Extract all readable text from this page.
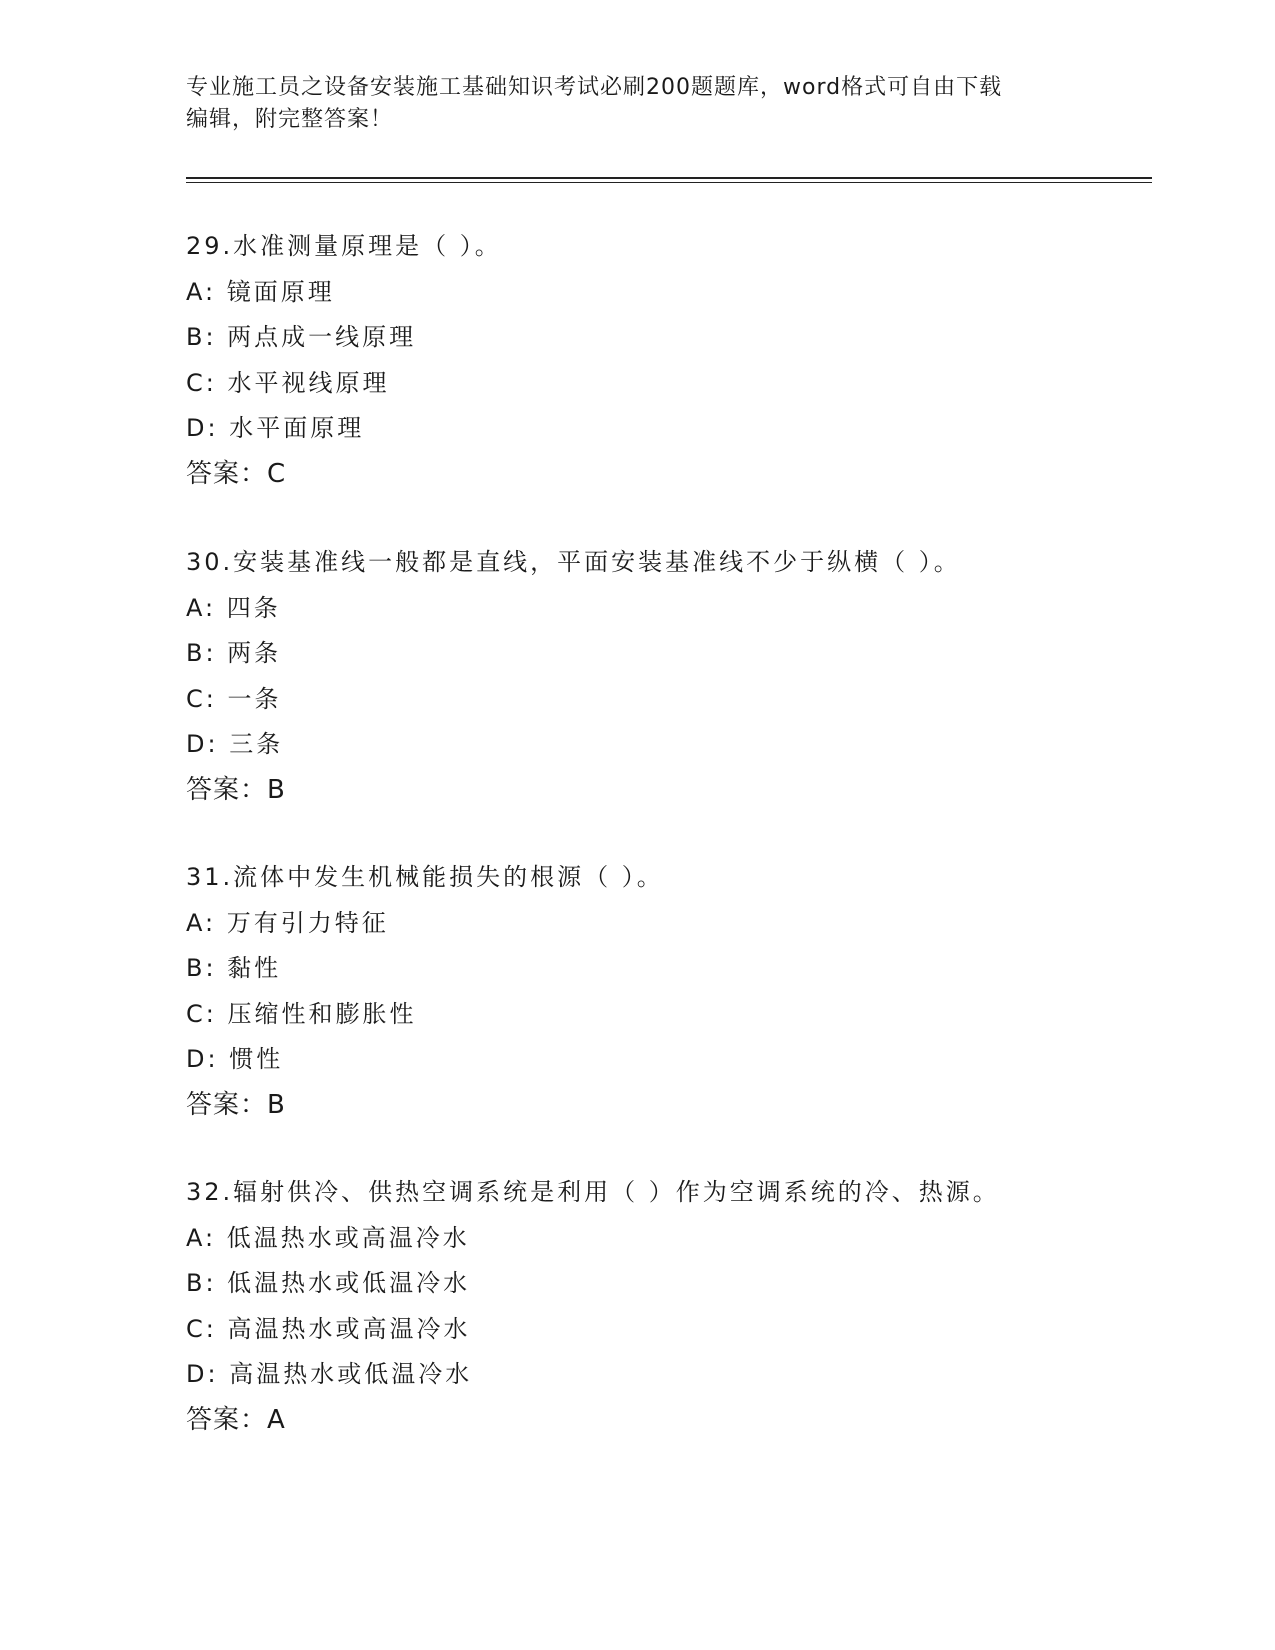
专业施工员之设备安装施工基础知识考试必刷200题题库，word格式可自由下载
编辑，附完整答案！
29.水准测量原理是（ ）。
A: 镜面原理
B: 两点成一线原理
C: 水平视线原理
D: 水平面原理
答案：C
30.安装基准线一般都是直线，平面安装基准线不少于纵横（ ）。
A: 四条
B: 两条
C: 一条
D: 三条
答案：B
31.流体中发生机械能损失的根源（ ）。
A: 万有引力特征
B: 黏性
C: 压缩性和膨胀性
D: 惯性
答案：B
32.辐射供冷、供热空调系统是利用（ ）作为空调系统的冷、热源。
A: 低温热水或高温冷水
B: 低温热水或低温冷水
C: 高温热水或高温冷水
D: 高温热水或低温冷水
答案：A
